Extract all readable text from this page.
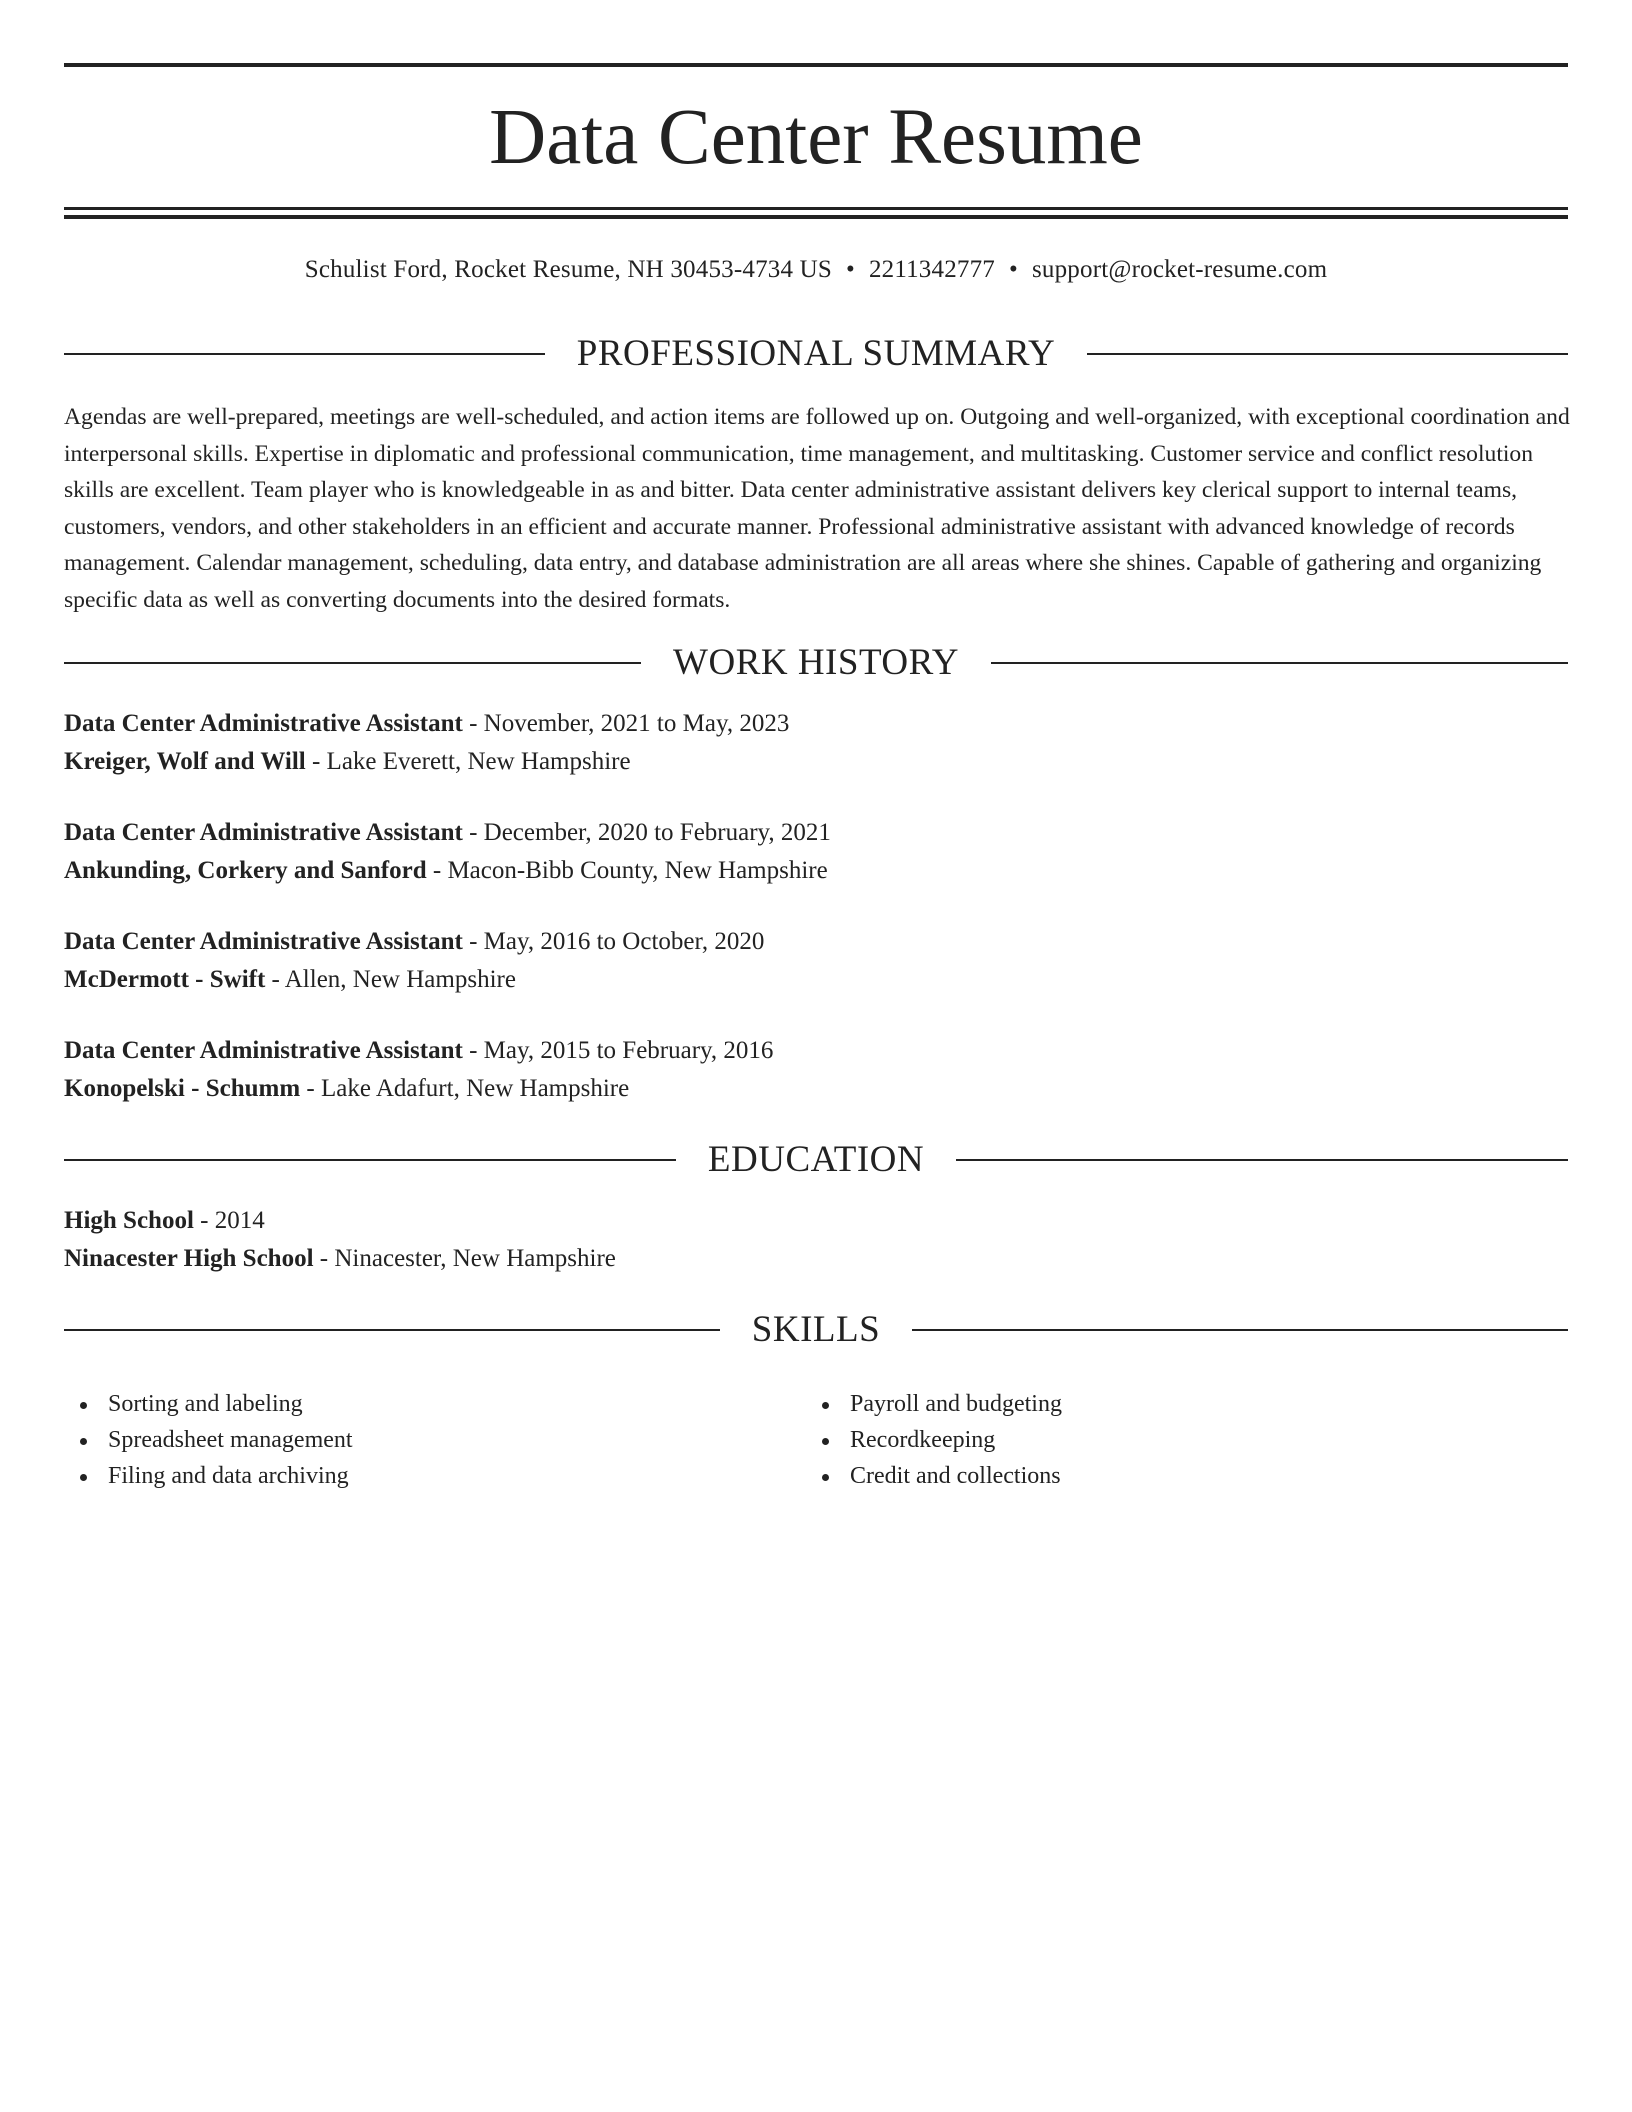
Data Center Resume
Schulist Ford, Rocket Resume, NH 30453-4734 US • 2211342777 • support@rocket-resume.com
PROFESSIONAL SUMMARY

Agendas are well-prepared, meetings are well-scheduled, and action items are followed up on. Outgoing and well-organized, with exceptional coordination and interpersonal skills. Expertise in diplomatic and professional communication, time management, and multitasking. Customer service and conflict resolution skills are excellent. Team player who is knowledgeable in as and bitter. Data center administrative assistant delivers key clerical support to internal teams, customers, vendors, and other stakeholders in an efficient and accurate manner. Professional administrative assistant with advanced knowledge of records management. Calendar management, scheduling, data entry, and database administration are all areas where she shines. Capable of gathering and organizing specific data as well as converting documents into the desired formats.

WORK HISTORY
Data Center Administrative Assistant - November, 2021 to May, 2023
Kreiger, Wolf and Will - Lake Everett, New Hampshire
Data Center Administrative Assistant - December, 2020 to February, 2021
Ankunding, Corkery and Sanford - Macon-Bibb County, New Hampshire
Data Center Administrative Assistant - May, 2016 to October, 2020
McDermott - Swift - Allen, New Hampshire
Data Center Administrative Assistant - May, 2015 to February, 2016
Konopelski - Schumm - Lake Adafurt, New Hampshire
EDUCATION
High School - 2014
Ninacester High School - Ninacester, New Hampshire
SKILLS
Sorting and labeling
Spreadsheet management
Filing and data archiving
Payroll and budgeting
Recordkeeping
Credit and collections
